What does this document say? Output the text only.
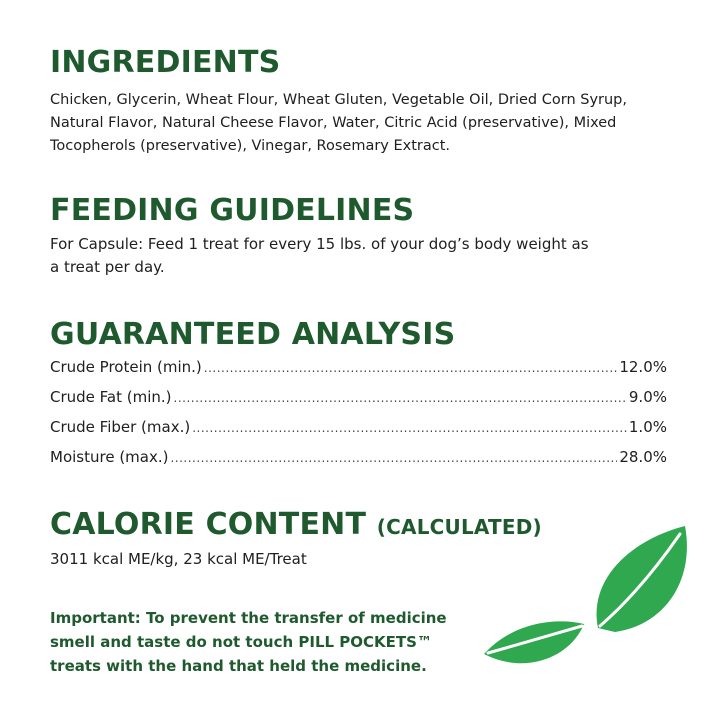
INGREDIENTS
Chicken, Glycerin, Wheat Flour, Wheat Gluten, Vegetable Oil, Dried Corn Syrup, Natural Flavor, Natural Cheese Flavor, Water, Citric Acid (preservative), Mixed Tocopherols (preservative), Vinegar, Rosemary Extract.
FEEDING GUIDELINES
For Capsule: Feed 1 treat for every 15 lbs. of your dog’s body weight as a treat per day.
GUARANTEED ANALYSIS
Crude Protein (min.) .....	12.0%
Crude Fat (min.) .....	9.0%
Crude Fiber (max.) .....	1.0%
Moisture (max.) .....	28.0%
CALORIE CONTENT (CALCULATED)
3011 kcal ME/kg, 23 kcal ME/Treat
Important: To prevent the transfer of medicine smell and taste do not touch PILL POCKETS™ treats with the hand that held the medicine.
